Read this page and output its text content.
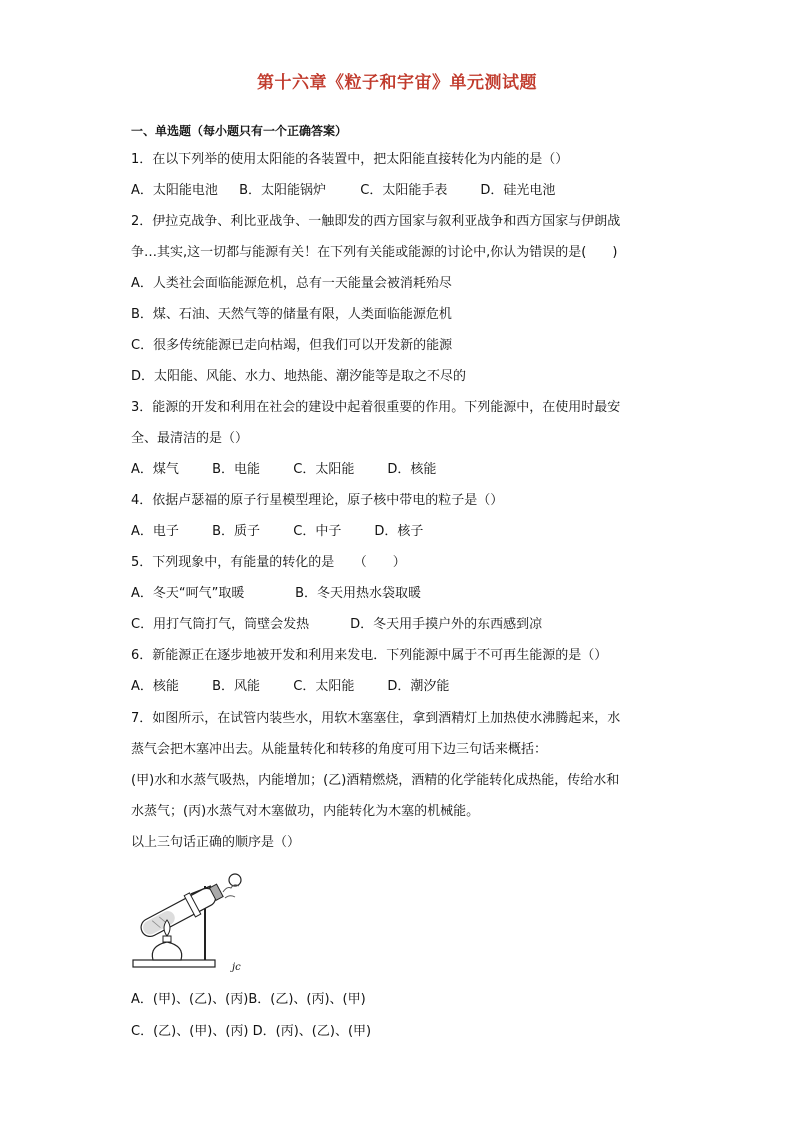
第十六章《粒子和宇宙》单元测试题
一、单选题（每小题只有一个正确答案）
1．在以下列举的使用太阳能的各装置中，把太阳能直接转化为内能的是（）
A．太阳能电池 B．太阳能锅炉	C．太阳能手表	D．硅光电池
2．伊拉克战争、利比亚战争、一触即发的西方国家与叙利亚战争和西方国家与伊朗战
争…其实,这一切都与能源有关！在下列有关能或能源的讨论中,你认为错误的是(　　)
A．人类社会面临能源危机，总有一天能量会被消耗殆尽
B．煤、石油、天然气等的储量有限，人类面临能源危机
C．很多传统能源已走向枯竭，但我们可以开发新的能源
D．太阳能、风能、水力、地热能、潮汐能等是取之不尽的
3．能源的开发和利用在社会的建设中起着很重要的作用。下列能源中，在使用时最安
全、最清洁的是（）
A．煤气	B．电能	C．太阳能	D．核能
4．依据卢瑟福的原子行星模型理论，原子核中带电的粒子是（）
A．电子	B．质子	C．中子	D．核子
5．下列现象中，有能量的转化的是　　（　　）
A．冬天“呵气”取暖	B．冬天用热水袋取暖
C．用打气筒打气，筒壁会发热	D．冬天用手摸户外的东西感到凉
6．新能源正在逐步地被开发和利用来发电．下列能源中属于不可再生能源的是（）
A．核能	B．风能	C．太阳能	D．潮汐能
7．如图所示，在试管内装些水，用软木塞塞住，拿到酒精灯上加热使水沸腾起来，水
蒸气会把木塞冲出去。从能量转化和转移的角度可用下边三句话来概括：
(甲)水和水蒸气吸热，内能增加；(乙)酒精燃烧，酒精的化学能转化成热能，传给水和
水蒸气；(丙)水蒸气对木塞做功，内能转化为木塞的机械能。
以上三句话正确的顺序是（）
jc
A．(甲)、(乙)、(丙)B．(乙)、(丙)、(甲)
C．(乙)、(甲)、(丙) D．(丙)、(乙)、(甲)
